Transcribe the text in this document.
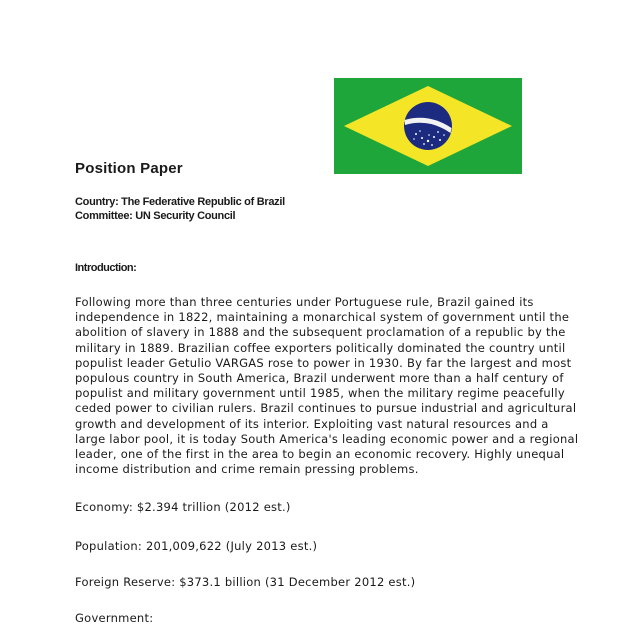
Position Paper
Country: The Federative Republic of Brazil
Committee: UN Security Council
Introduction:
Following more than three centuries under Portuguese rule, Brazil gained its
independence in 1822, maintaining a monarchical system of government until the
abolition of slavery in 1888 and the subsequent proclamation of a republic by the
military in 1889. Brazilian coffee exporters politically dominated the country until
populist leader Getulio VARGAS rose to power in 1930. By far the largest and most
populous country in South America, Brazil underwent more than a half century of
populist and military government until 1985, when the military regime peacefully
ceded power to civilian rulers. Brazil continues to pursue industrial and agricultural
growth and development of its interior. Exploiting vast natural resources and a
large labor pool, it is today South America's leading economic power and a regional
leader, one of the first in the area to begin an economic recovery. Highly unequal
income distribution and crime remain pressing problems.
Economy: $2.394 trillion (2012 est.)
Population: 201,009,622 (July 2013 est.)
Foreign Reserve: $373.1 billion (31 December 2012 est.)
Government:
